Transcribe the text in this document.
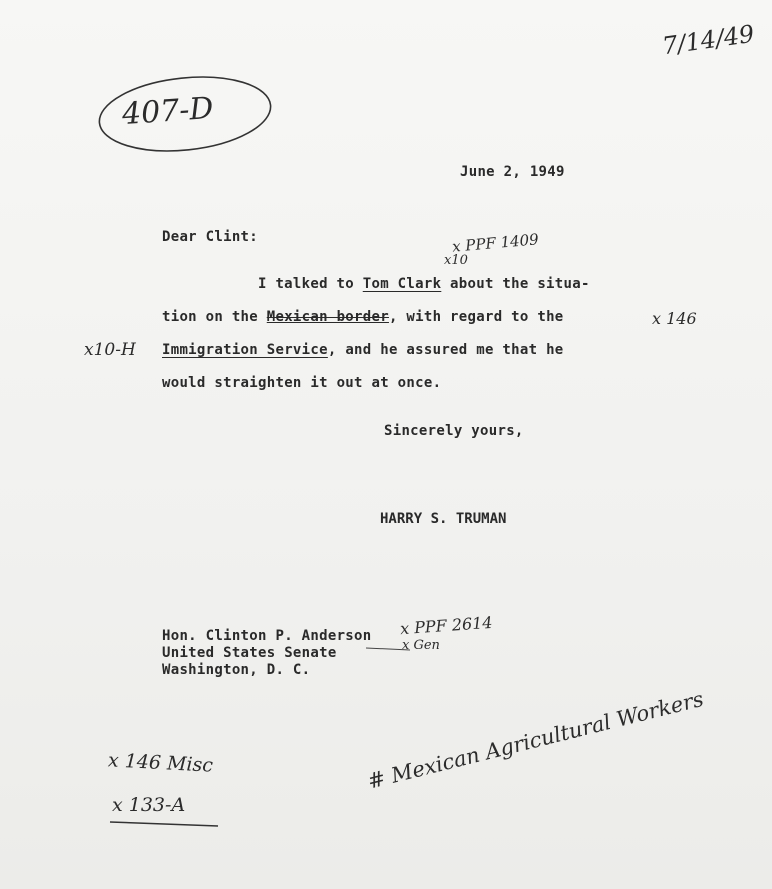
7/14/49
407-D
x PPF 1409
x10
x 146
x10-H
x PPF 2614
x Gen
x 146 Misc
x 133-A
# Mexican Agricultural Workers
June 2, 1949
Dear Clint:
I talked to Tom Clark about the situa-
tion on the Mexican border, with regard to the
Immigration Service, and he assured me that he
would straighten it out at once.
Sincerely yours,
HARRY S. TRUMAN
Hon. Clinton P. Anderson
United States Senate
Washington, D. C.
